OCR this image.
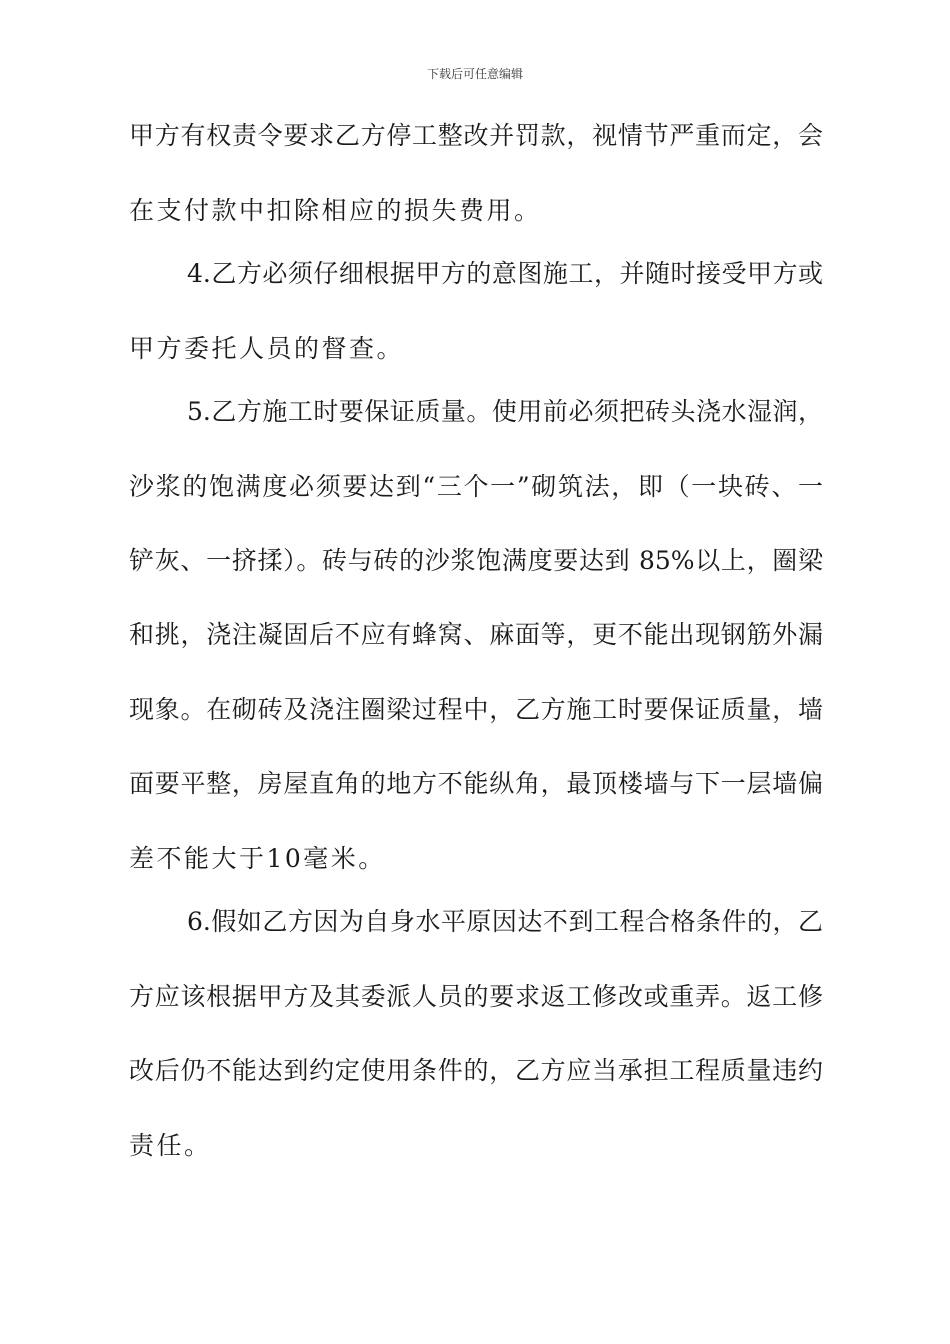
下载后可任意编辑
甲方有权责令要求乙方停工整改并罚款，视情节严重而定，会
在支付款中扣除相应的损失费用。
4.乙方必须仔细根据甲方的意图施工，并随时接受甲方或
甲方委托人员的督查。
5.乙方施工时要保证质量。使用前必须把砖头浇水湿润，
沙浆的饱满度必须要达到“三个一”砌筑法，即（一块砖、一
铲灰、一挤揉）。砖与砖的沙浆饱满度要达到 85%以上，圈梁
和挑，浇注凝固后不应有蜂窝、麻面等，更不能出现钢筋外漏
现象。在砌砖及浇注圈梁过程中，乙方施工时要保证质量，墙
面要平整，房屋直角的地方不能纵角，最顶楼墙与下一层墙偏
差不能大于10毫米。
6.假如乙方因为自身水平原因达不到工程合格条件的，乙
方应该根据甲方及其委派人员的要求返工修改或重弄。返工修
改后仍不能达到约定使用条件的，乙方应当承担工程质量违约
责任。
